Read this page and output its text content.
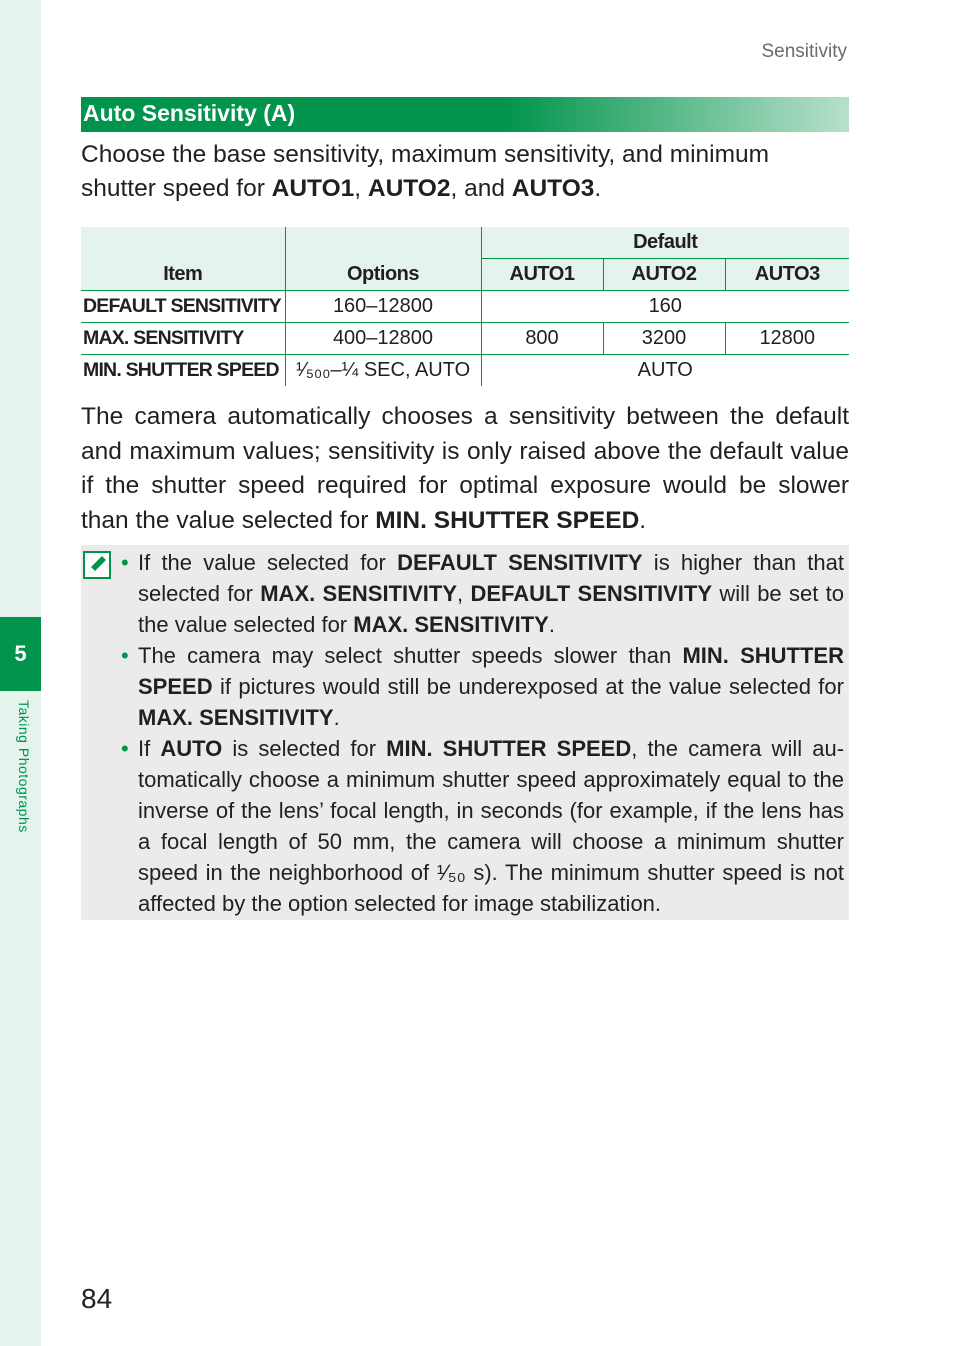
5
Taking Photographs
Sensitivity
Auto Sensitivity (A)

Choose the base sensitivity, maximum sensitivity, and minimum shutter speed for AUTO1, AUTO2, and AUTO3.

Item	Options	Default		
		AUTO1	AUTO2	AUTO3
DEFAULT SENSITIVITY	160–12800	160		
MAX. SENSITIVITY	400–12800	800	3200	12800
MIN. SHUTTER SPEED	¹⁄₅₀₀–¼ SEC, AUTO	AUTO		

The camera automatically chooses a sensitivity between the default and maximum values; sensitivity is only raised above the default value if the shutter speed required for optimal exposure would be slower than the value selected for MIN. SHUTTER SPEED.

• If the value selected for DEFAULT SENSITIVITY is higher than that selected for MAX. SENSITIVITY, DEFAULT SENSITIVITY will be set to the value selected for MAX. SENSITIVITY.
• The camera may select shutter speeds slower than MIN. SHUTTER SPEED if pictures would still be underexposed at the value selected for MAX. SENSITIVITY.
• If AUTO is selected for MIN. SHUTTER SPEED, the camera will automatically choose a minimum shutter speed approximately equal to the inverse of the lens’ focal length, in seconds (for example, if the lens has a focal length of 50 mm, the camera will choose a minimum shutter speed in the neighborhood of ¹⁄₅₀ s). The minimum shutter speed is not affected by the option selected for image stabilization.
84
